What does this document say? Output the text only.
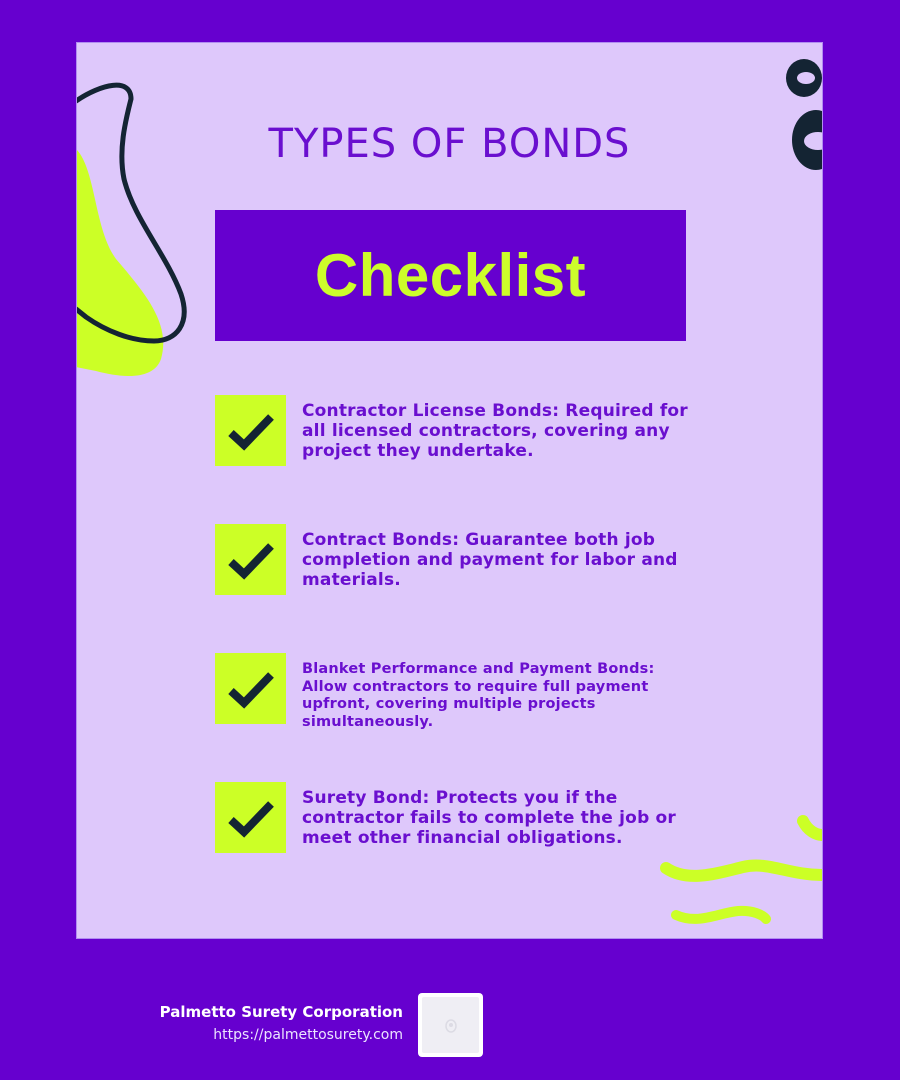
TYPES OF BONDS
Checklist
Contractor License Bonds: Required for all licensed contractors, covering any project they undertake.
Contract Bonds: Guarantee both job completion and payment for labor and materials.
Blanket Performance and Payment Bonds: Allow contractors to require full payment upfront, covering multiple projects simultaneously.
Surety Bond: Protects you if the contractor fails to complete the job or meet other financial obligations.
Palmetto Surety Corporation
https://palmettosurety.com
